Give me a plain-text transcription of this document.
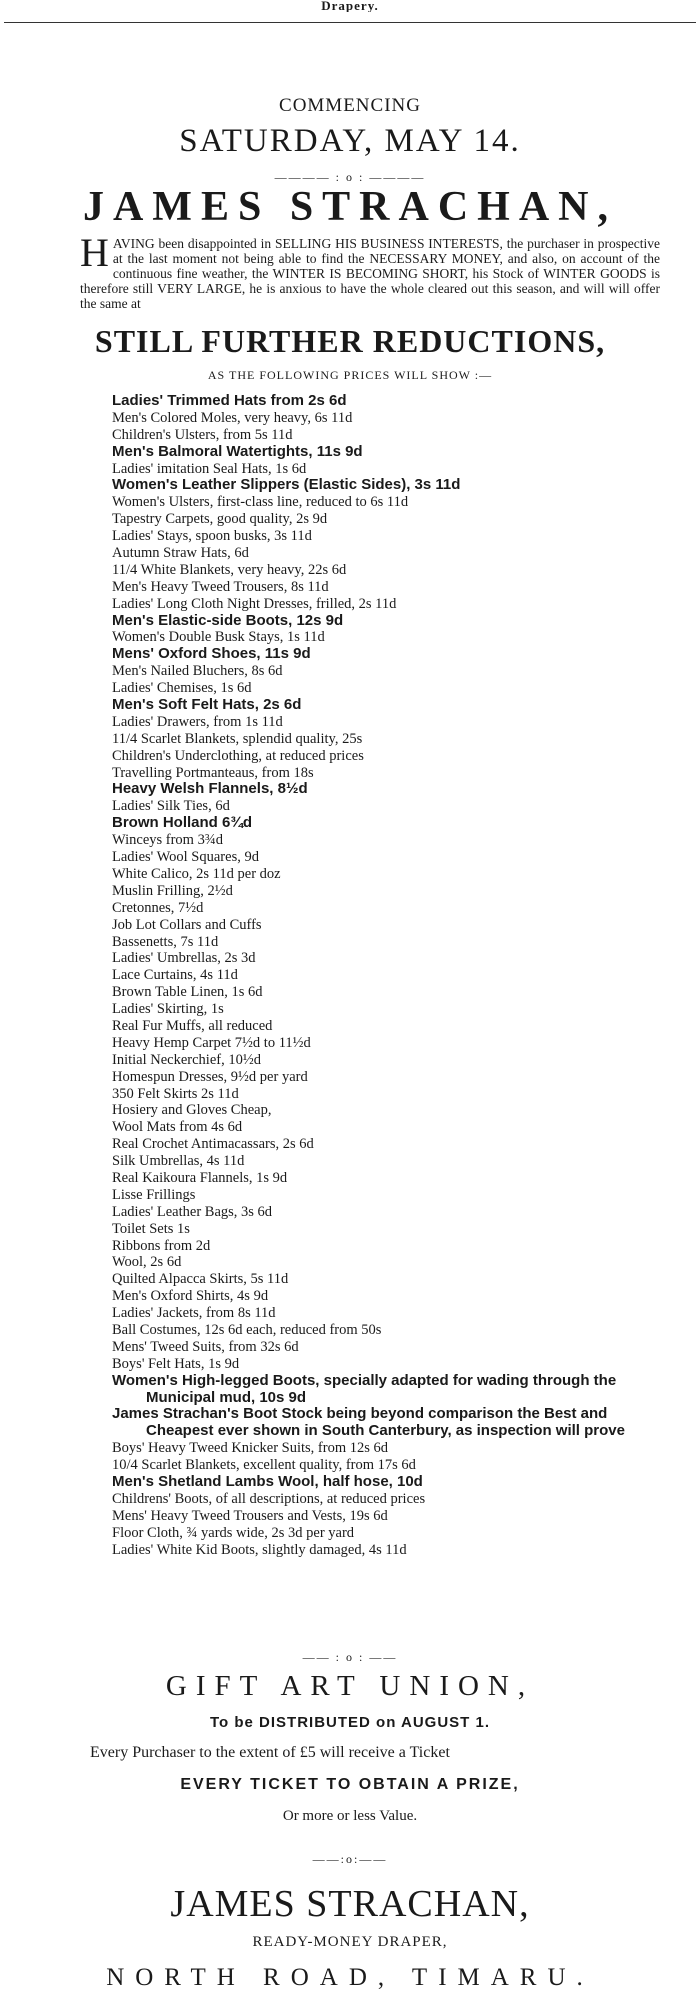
Drapery.
COMMENCING
SATURDAY, MAY 14.
———— : o : ————
JAMES STRACHAN,
HAVING been disappointed in SELLING HIS BUSINESS INTERESTS, the purchaser in prospective at the last moment not being able to find the NECESSARY MONEY, and also, on account of the continuous fine weather, the WINTER IS BECOMING SHORT, his Stock of WINTER GOODS is therefore still VERY LARGE, he is anxious to have the whole cleared out this season, and will will offer the same at
STILL FURTHER REDUCTIONS,
AS THE FOLLOWING PRICES WILL SHOW :—
Ladies' Trimmed Hats from 2s 6d
Men's Colored Moles, very heavy, 6s 11d
Children's Ulsters, from 5s 11d
Men's Balmoral Watertights, 11s 9d
Ladies' imitation Seal Hats, 1s 6d
Women's Leather Slippers (Elastic Sides), 3s 11d
Women's Ulsters, first-class line, reduced to 6s 11d
Tapestry Carpets, good quality, 2s 9d
Ladies' Stays, spoon busks, 3s 11d
Autumn Straw Hats, 6d
11/4 White Blankets, very heavy, 22s 6d
Men's Heavy Tweed Trousers, 8s 11d
Ladies' Long Cloth Night Dresses, frilled, 2s 11d
Men's Elastic-side Boots, 12s 9d
Women's Double Busk Stays, 1s 11d
Mens' Oxford Shoes, 11s 9d
Men's Nailed Bluchers, 8s 6d
Ladies' Chemises, 1s 6d
Men's Soft Felt Hats, 2s 6d
Ladies' Drawers, from 1s 11d
11/4 Scarlet Blankets, splendid quality, 25s
Children's Underclothing, at reduced prices
Travelling Portmanteaus, from 18s
Heavy Welsh Flannels, 8½d
Ladies' Silk Ties, 6d
Brown Holland 6¾d
Winceys from 3¾d
Ladies' Wool Squares, 9d
White Calico, 2s 11d per doz
Muslin Frilling, 2½d
Cretonnes, 7½d
Job Lot Collars and Cuffs
Bassenetts, 7s 11d
Ladies' Umbrellas, 2s 3d
Lace Curtains, 4s 11d
Brown Table Linen, 1s 6d
Ladies' Skirting, 1s
Real Fur Muffs, all reduced
Heavy Hemp Carpet 7½d to 11½d
Initial Neckerchief, 10½d
Homespun Dresses, 9½d per yard
350 Felt Skirts 2s 11d
Hosiery and Gloves Cheap,
Wool Mats from 4s 6d
Real Crochet Antimacassars, 2s 6d
Silk Umbrellas, 4s 11d
Real Kaikoura Flannels, 1s 9d
Lisse Frillings
Ladies' Leather Bags, 3s 6d
Toilet Sets 1s
Ribbons from 2d
Wool, 2s 6d
Quilted Alpacca Skirts, 5s 11d
Men's Oxford Shirts, 4s 9d
Ladies' Jackets, from 8s 11d
Ball Costumes, 12s 6d each, reduced from 50s
Mens' Tweed Suits, from 32s 6d
Boys' Felt Hats, 1s 9d
Women's High-legged Boots, specially adapted for wading through the Municipal mud, 10s 9d
James Strachan's Boot Stock being beyond comparison the Best and Cheapest ever shown in South Canterbury, as inspection will prove
Boys' Heavy Tweed Knicker Suits, from 12s 6d
10/4 Scarlet Blankets, excellent quality, from 17s 6d
Men's Shetland Lambs Wool, half hose, 10d
Childrens' Boots, of all descriptions, at reduced prices
Mens' Heavy Tweed Trousers and Vests, 19s 6d
Floor Cloth, ¾ yards wide, 2s 3d per yard
Ladies' White Kid Boots, slightly damaged, 4s 11d
—— : o : ——
GIFT ART UNION,
To be DISTRIBUTED on AUGUST 1.
Every Purchaser to the extent of £5 will receive a Ticket
EVERY TICKET TO OBTAIN A PRIZE,
Or more or less Value.
——:o:——
JAMES STRACHAN,
READY-MONEY DRAPER,
NORTH ROAD, TIMARU.
